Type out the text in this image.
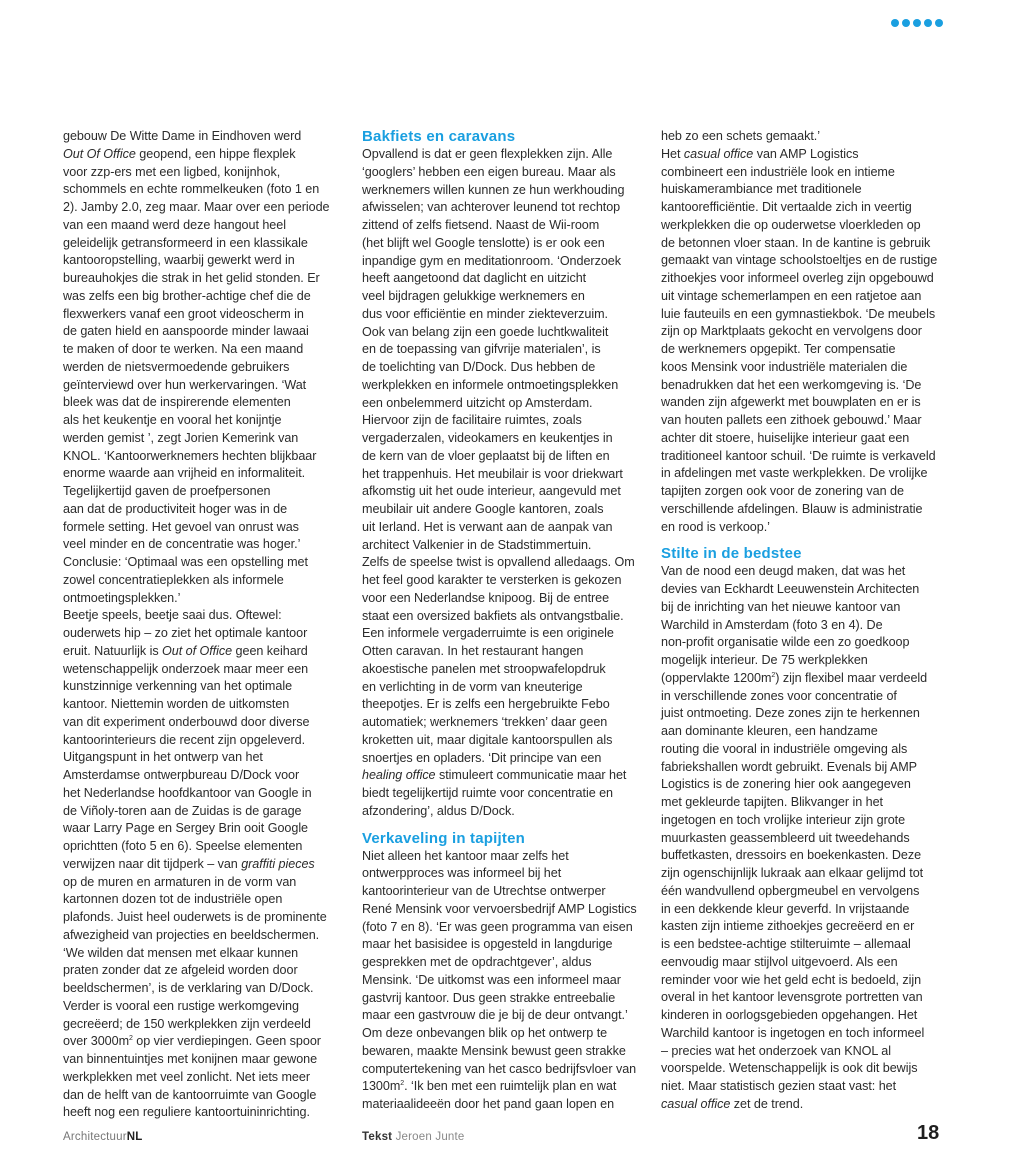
gebouw De Witte Dame in Eindhoven werd
Out Of Office geopend, een hippe flexplek
voor zzp-ers met een ligbed, konijnhok,
schommels en echte rommelkeuken (foto 1 en
2). Jamby 2.0, zeg maar. Maar over een periode
van een maand werd deze hangout heel
geleidelijk getransformeerd in een klassikale
kantooropstelling, waarbij gewerkt werd in
bureauhokjes die strak in het gelid stonden. Er
was zelfs een big brother-achtige chef die de
flexwerkers vanaf een groot videoscherm in
de gaten hield en aanspoorde minder lawaai
te maken of door te werken. Na een maand
werden de nietsvermoedende gebruikers
geïnterviewd over hun werkervaringen. ‘Wat
bleek was dat de inspirerende elementen
als het keukentje en vooral het konijntje
werden gemist ’, zegt Jorien Kemerink van
KNOL. ‘Kantoorwerknemers hechten blijkbaar
enorme waarde aan vrijheid en informaliteit.
Tegelijkertijd gaven de proefpersonen
aan dat de productiviteit hoger was in de
formele setting. Het gevoel van onrust was
veel minder en de concentratie was hoger.’
Conclusie: ‘Optimaal was een opstelling met
zowel concentratieplekken als informele
ontmoetingsplekken.’
Beetje speels, beetje saai dus. Oftewel:
ouderwets hip – zo ziet het optimale kantoor
eruit. Natuurlijk is Out of Office geen keihard
wetenschappelijk onderzoek maar meer een
kunstzinnige verkenning van het optimale
kantoor. Niettemin worden de uitkomsten
van dit experiment onderbouwd door diverse
kantoorinterieurs die recent zijn opgeleverd.
Uitgangspunt in het ontwerp van het
Amsterdamse ontwerpbureau D/Dock voor
het Nederlandse hoofdkantoor van Google in
de Viñoly-toren aan de Zuidas is de garage
waar Larry Page en Sergey Brin ooit Google
oprichtten (foto 5 en 6). Speelse elementen
verwijzen naar dit tijdperk – van graffiti pieces
op de muren en armaturen in de vorm van
kartonnen dozen tot de industriële open
plafonds. Juist heel ouderwets is de prominente
afwezigheid van projecties en beeldschermen.
‘We wilden dat mensen met elkaar kunnen
praten zonder dat ze afgeleid worden door
beeldschermen’, is de verklaring van D/Dock.
Verder is vooral een rustige werkomgeving
gecreëerd; de 150 werkplekken zijn verdeeld
over $3000m^2$ op vier verdiepingen. Geen spoor
van binnentuintjes met konijnen maar gewone
werkplekken met veel zonlicht. Net iets meer
dan de helft van de kantoorruimte van Google
heeft nog een reguliere kantoortuininrichting.
Bakfiets en caravans
Opvallend is dat er geen flexplekken zijn. Alle
‘googlers’ hebben een eigen bureau. Maar als
werknemers willen kunnen ze hun werkhouding
afwisselen; van achterover leunend tot rechtop
zittend of zelfs fietsend. Naast de Wii-room
(het blijft wel Google tenslotte) is er ook een
inpandige gym en meditationroom. ‘Onderzoek
heeft aangetoond dat daglicht en uitzicht
veel bijdragen gelukkige werknemers en
dus voor efficiëntie en minder ziekteverzuim.
Ook van belang zijn een goede luchtkwaliteit
en de toepassing van gifvrije materialen’, is
de toelichting van D/Dock. Dus hebben de
werkplekken en informele ontmoetingsplekken
een onbelemmerd uitzicht op Amsterdam.
Hiervoor zijn de facilitaire ruimtes, zoals
vergaderzalen, videokamers en keukentjes in
de kern van de vloer geplaatst bij de liften en
het trappenhuis. Het meubilair is voor driekwart
afkomstig uit het oude interieur, aangevuld met
meubilair uit andere Google kantoren, zoals
uit Ierland. Het is verwant aan de aanpak van
architect Valkenier in de Stadstimmertuin.
Zelfs de speelse twist is opvallend alledaags. Om
het feel good karakter te versterken is gekozen
voor een Nederlandse knipoog. Bij de entree
staat een oversized bakfiets als ontvangstbalie.
Een informele vergaderruimte is een originele
Otten caravan. In het restaurant hangen
akoestische panelen met stroopwafelopdruk
en verlichting in de vorm van kneuterige
theepotjes. Er is zelfs een hergebruikte Febo
automatiek; werknemers ‘trekken’ daar geen
kroketten uit, maar digitale kantoorspullen als
snoertjes en opladers. ‘Dit principe van een
healing office stimuleert communicatie maar het
biedt tegelijkertijd ruimte voor concentratie en
afzondering’, aldus D/Dock.
Verkaveling in tapijten
Niet alleen het kantoor maar zelfs het
ontwerpproces was informeel bij het
kantoorinterieur van de Utrechtse ontwerper
René Mensink voor vervoersbedrijf AMP Logistics
(foto 7 en 8). ‘Er was geen programma van eisen
maar het basisidee is opgesteld in langdurige
gesprekken met de opdrachtgever’, aldus
Mensink. ‘De uitkomst was een informeel maar
gastvrij kantoor. Dus geen strakke entreebalie
maar een gastvrouw die je bij de deur ontvangt.’
Om deze onbevangen blik op het ontwerp te
bewaren, maakte Mensink bewust geen strakke
computertekening van het casco bedrijfsvloer van
$1300m^2$. ‘Ik ben met een ruimtelijk plan en wat
materiaalideeën door het pand gaan lopen en
heb zo een schets gemaakt.’
Het casual office van AMP Logistics
combineert een industriële look en intieme
huiskamerambiance met traditionele
kantoorefficiëntie. Dit vertaalde zich in veertig
werkplekken die op ouderwetse vloerkleden op
de betonnen vloer staan. In de kantine is gebruik
gemaakt van vintage schoolstoeltjes en de rustige
zithoekjes voor informeel overleg zijn opgebouwd
uit vintage schemerlampen en een ratjetoe aan
luie fauteuils en een gymnastiekbok. ‘De meubels
zijn op Marktplaats gekocht en vervolgens door
de werknemers opgepikt. Ter compensatie
koos Mensink voor industriële materialen die
benadrukken dat het een werkomgeving is. ‘De
wanden zijn afgewerkt met bouwplaten en er is
van houten pallets een zithoek gebouwd.’ Maar
achter dit stoere, huiselijke interieur gaat een
traditioneel kantoor schuil. ‘De ruimte is verkaveld
in afdelingen met vaste werkplekken. De vrolijke
tapijten zorgen ook voor de zonering van de
verschillende afdelingen. Blauw is administratie
en rood is verkoop.’
Stilte in de bedstee
Van de nood een deugd maken, dat was het
devies van Eckhardt Leeuwenstein Architecten
bij de inrichting van het nieuwe kantoor van
Warchild in Amsterdam (foto 3 en 4). De
non-profit organisatie wilde een zo goedkoop
mogelijk interieur. De 75 werkplekken
(oppervlakte $1200m^2$) zijn flexibel maar verdeeld
in verschillende zones voor concentratie of
juist ontmoeting. Deze zones zijn te herkennen
aan dominante kleuren, een handzame
routing die vooral in industriële omgeving als
fabriekshallen wordt gebruikt. Evenals bij AMP
Logistics is de zonering hier ook aangegeven
met gekleurde tapijten. Blikvanger in het
ingetogen en toch vrolijke interieur zijn grote
muurkasten geassembleerd uit tweedehands
buffetkasten, dressoirs en boekenkasten. Deze
zijn ogenschijnlijk lukraak aan elkaar gelijmd tot
één wandvullend opbergmeubel en vervolgens
in een dekkende kleur geverfd. In vrijstaande
kasten zijn intieme zithoekjes gecreëerd en er
is een bedstee-achtige stilteruimte – allemaal
eenvoudig maar stijlvol uitgevoerd. Als een
reminder voor wie het geld echt is bedoeld, zijn
overal in het kantoor levensgrote portretten van
kinderen in oorlogsgebieden opgehangen. Het
Warchild kantoor is ingetogen en toch informeel
– precies wat het onderzoek van KNOL al
voorspelde. Wetenschappelijk is ook dit bewijs
niet. Maar statistisch gezien staat vast: het
casual office zet de trend.
ArchitectuurNL	Tekst Jeroen Junte	18
